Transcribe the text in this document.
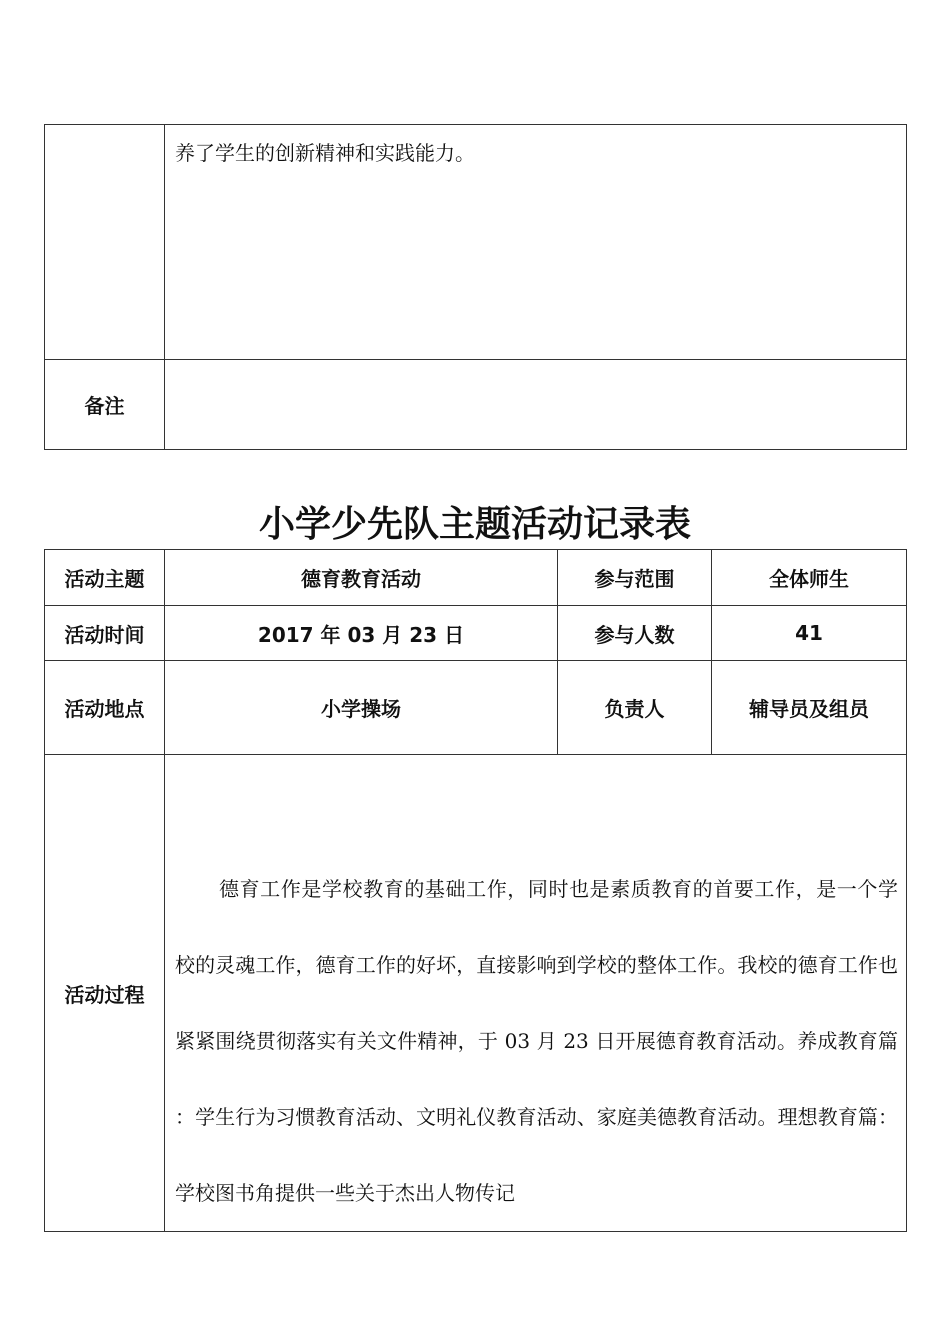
	养了学生的创新精神和实践能力。
备注	
小学少先队主题活动记录表
活动主题	德育教育活动	参与范围	全体师生
活动时间	2017 年 03 月 23 日	参与人数	41
活动地点	小学操场	负责人	辅导员及组员
活动过程	德育工作是学校教育的基础工作，同时也是素质教育的首要工作，是一个学校的灵魂工作，德育工作的好坏，直接影响到学校的整体工作。我校的德育工作也紧紧围绕贯彻落实有关文件精神，于 03 月 23 日开展德育教育活动。养成教育篇 ：学生行为习惯教育活动、文明礼仪教育活动、家庭美德教育活动。理想教育篇：学校图书角提供一些关于杰出人物传记		
